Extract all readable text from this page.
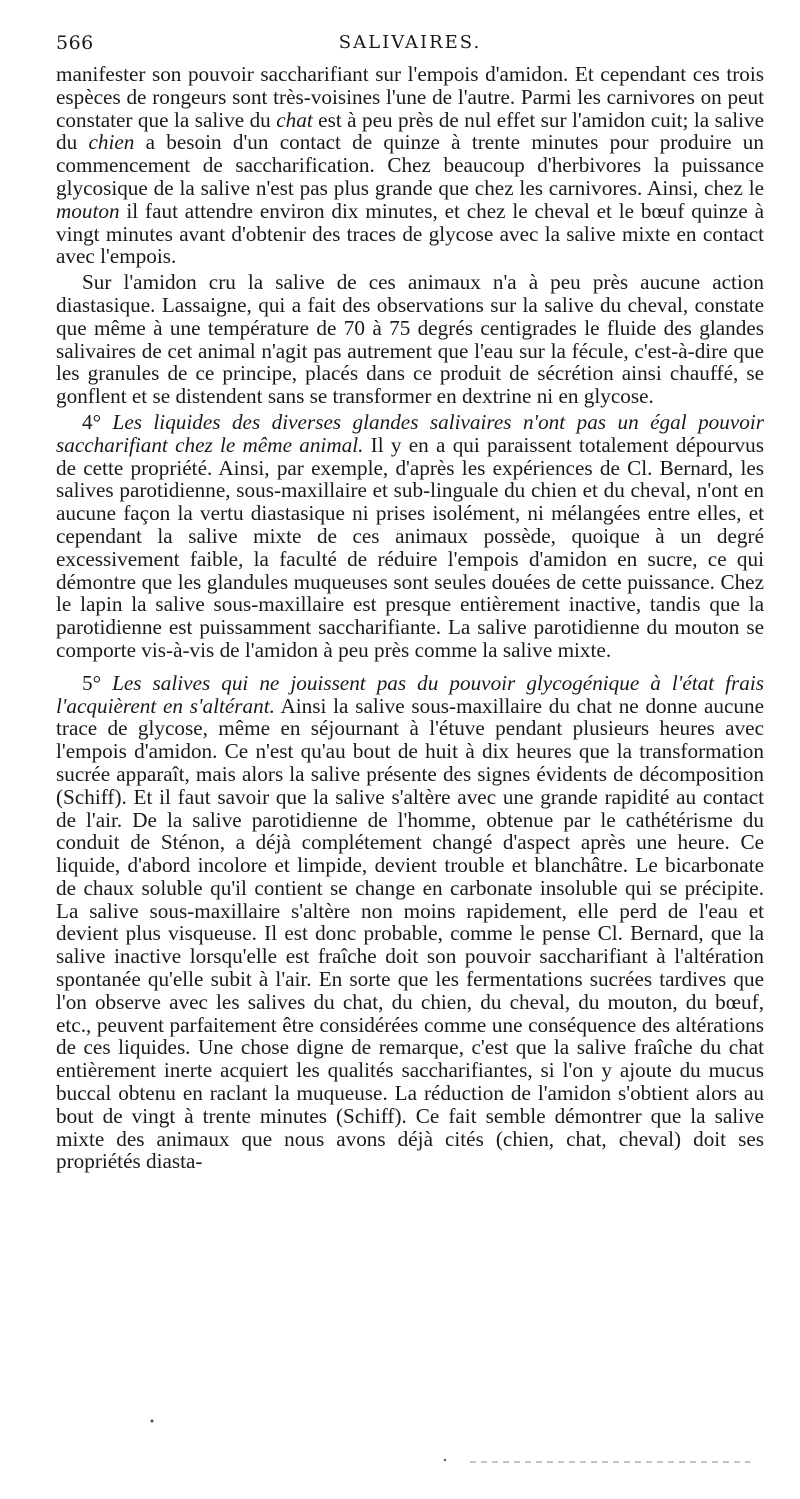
566	SALIVAIRES.

manifester son pouvoir saccharifiant sur l'empois d'amidon. Et cependant ces trois espèces de rongeurs sont très-voisines l'une de l'autre. Parmi les carnivores on peut constater que la salive du chat est à peu près de nul effet sur l'amidon cuit; la salive du chien a besoin d'un contact de quinze à trente minutes pour produire un commencement de saccharification. Chez beaucoup d'herbivores la puissance glycosique de la salive n'est pas plus grande que chez les carnivores. Ainsi, chez le mouton il faut attendre environ dix minutes, et chez le cheval et le bœuf quinze à vingt minutes avant d'obtenir des traces de glycose avec la salive mixte en contact avec l'empois.

Sur l'amidon cru la salive de ces animaux n'a à peu près aucune action diastasique. Lassaigne, qui a fait des observations sur la salive du cheval, constate que même à une température de 70 à 75 degrés centigrades le fluide des glandes salivaires de cet animal n'agit pas autrement que l'eau sur la fécule, c'est-à-dire que les granules de ce principe, placés dans ce produit de sécrétion ainsi chauffé, se gonflent et se distendent sans se transformer en dextrine ni en glycose.

4° Les liquides des diverses glandes salivaires n'ont pas un égal pouvoir saccharifiant chez le même animal. Il y en a qui paraissent totalement dépourvus de cette propriété. Ainsi, par exemple, d'après les expériences de Cl. Bernard, les salives parotidienne, sous-maxillaire et sub-linguale du chien et du cheval, n'ont en aucune façon la vertu diastasique ni prises isolément, ni mélangées entre elles, et cependant la salive mixte de ces animaux possède, quoique à un degré excessivement faible, la faculté de réduire l'empois d'amidon en sucre, ce qui démontre que les glandules muqueuses sont seules douées de cette puissance. Chez le lapin la salive sous-maxillaire est presque entièrement inactive, tandis que la parotidienne est puissamment saccharifiante. La salive parotidienne du mouton se comporte vis-à-vis de l'amidon à peu près comme la salive mixte.

5° Les salives qui ne jouissent pas du pouvoir glycogénique à l'état frais l'acquièrent en s'altérant. Ainsi la salive sous-maxillaire du chat ne donne aucune trace de glycose, même en séjournant à l'étuve pendant plusieurs heures avec l'empois d'amidon. Ce n'est qu'au bout de huit à dix heures que la transformation sucrée apparaît, mais alors la salive présente des signes évidents de décomposition (Schiff). Et il faut savoir que la salive s'altère avec une grande rapidité au contact de l'air. De la salive parotidienne de l'homme, obtenue par le cathétérisme du conduit de Sténon, a déjà complétement changé d'aspect après une heure. Ce liquide, d'abord incolore et limpide, devient trouble et blanchâtre. Le bicarbonate de chaux soluble qu'il contient se change en carbonate insoluble qui se précipite. La salive sous-maxillaire s'altère non moins rapidement, elle perd de l'eau et devient plus visqueuse. Il est donc probable, comme le pense Cl. Bernard, que la salive inactive lorsqu'elle est fraîche doit son pouvoir saccharifiant à l'altération spontanée qu'elle subit à l'air. En sorte que les fermentations sucrées tardives que l'on observe avec les salives du chat, du chien, du cheval, du mouton, du bœuf, etc., peuvent parfaitement être considérées comme une conséquence des altérations de ces liquides. Une chose digne de remarque, c'est que la salive fraîche du chat entièrement inerte acquiert les qualités saccharifiantes, si l'on y ajoute du mucus buccal obtenu en raclant la muqueuse. La réduction de l'amidon s'obtient alors au bout de vingt à trente minutes (Schiff). Ce fait semble démontrer que la salive mixte des animaux que nous avons déjà cités (chien, chat, cheval) doit ses propriétés diasta-
